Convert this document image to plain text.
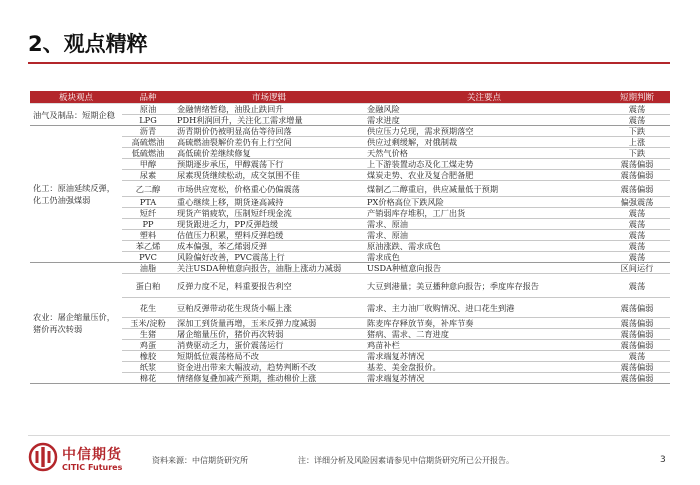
2、观点精粹
板块观点	品种	市场逻辑	关注要点	短期判断
油气及制品：短期企稳	原油	金融情绪暂稳，油股止跌回升	金融风险	震荡
	LPG	PDH利润回升，关注化工需求增量	需求进度	震荡
化工：原油延续反弹，化工仍油强煤弱	沥青	沥青期价仍被明显高估等待回落	供应压力兑现，需求预期落空	下跌
	高硫燃油	高硫燃油裂解价差仍有上行空间	供应过剩缓解，对俄制裁	上涨
	低硫燃油	高低硫价差继续修复	天然气价格	下跌
	甲醇	预期逐步承压，甲醇震荡下行	上下游装置动态及化工煤走势	震荡偏弱
	尿素	尿素现货继续松动，成交氛围不佳	煤炭走势、农业及复合肥备肥	震荡偏弱
	乙二醇	市场供应宽松，价格重心仍偏震荡	煤制乙二醇重启，供应减量低于预期	震荡偏弱
	PTA	重心继续上移，期货逢高减持	PX价格高位下跌风险	偏强震荡
	短纤	现货产销疲软，压制短纤现金流	产销弱库存堆积，工厂出货	震荡
	PP	现货跟进乏力，PP反弹趋缓	需求、原油	震荡
	塑料	估值压力积累，塑料反弹趋缓	需求、原油	震荡
	苯乙烯	成本偏强，苯乙烯弱反弹	原油涨跌、需求成色	震荡
	PVC	风险偏好改善，PVC震荡上行	需求成色	震荡
农业：屠企缩量压价，猪价再次转弱	油脂	关注USDA种植意向报告，油脂上涨动力减弱	USDA种植意向报告	区间运行
	蛋白粕	反弹力度不足，料重要报告利空	大豆到港量；美豆播种意向报告；季度库存报告	震荡
	花生	豆粕反弹带动花生现货小幅上涨	需求、主力油厂收购情况、进口花生到港	震荡偏弱
	玉米/淀粉	深加工到货量再增，玉米反弹力度减弱	陈麦库存释放节奏，补库节奏	震荡偏弱
	生猪	屠企缩量压价，猪价再次转弱	猪病、需求、二育进度	震荡偏弱
	鸡蛋	消费驱动乏力，蛋价震荡运行	鸡苗补栏	震荡偏弱
	橡胶	短期低位震荡格局不改	需求端复苏情况	震荡
	纸浆	资金进出带来大幅波动，趋势判断不改	基差、美金盘报价。	震荡偏弱
	棉花	情绪修复叠加减产预期，推动棉价上涨	需求端复苏情况	震荡偏弱
中信期货
CITIC Futures
资料来源：中信期货研究所	注：详细分析及风险因素请参见中信期货研究所已公开报告。	3
